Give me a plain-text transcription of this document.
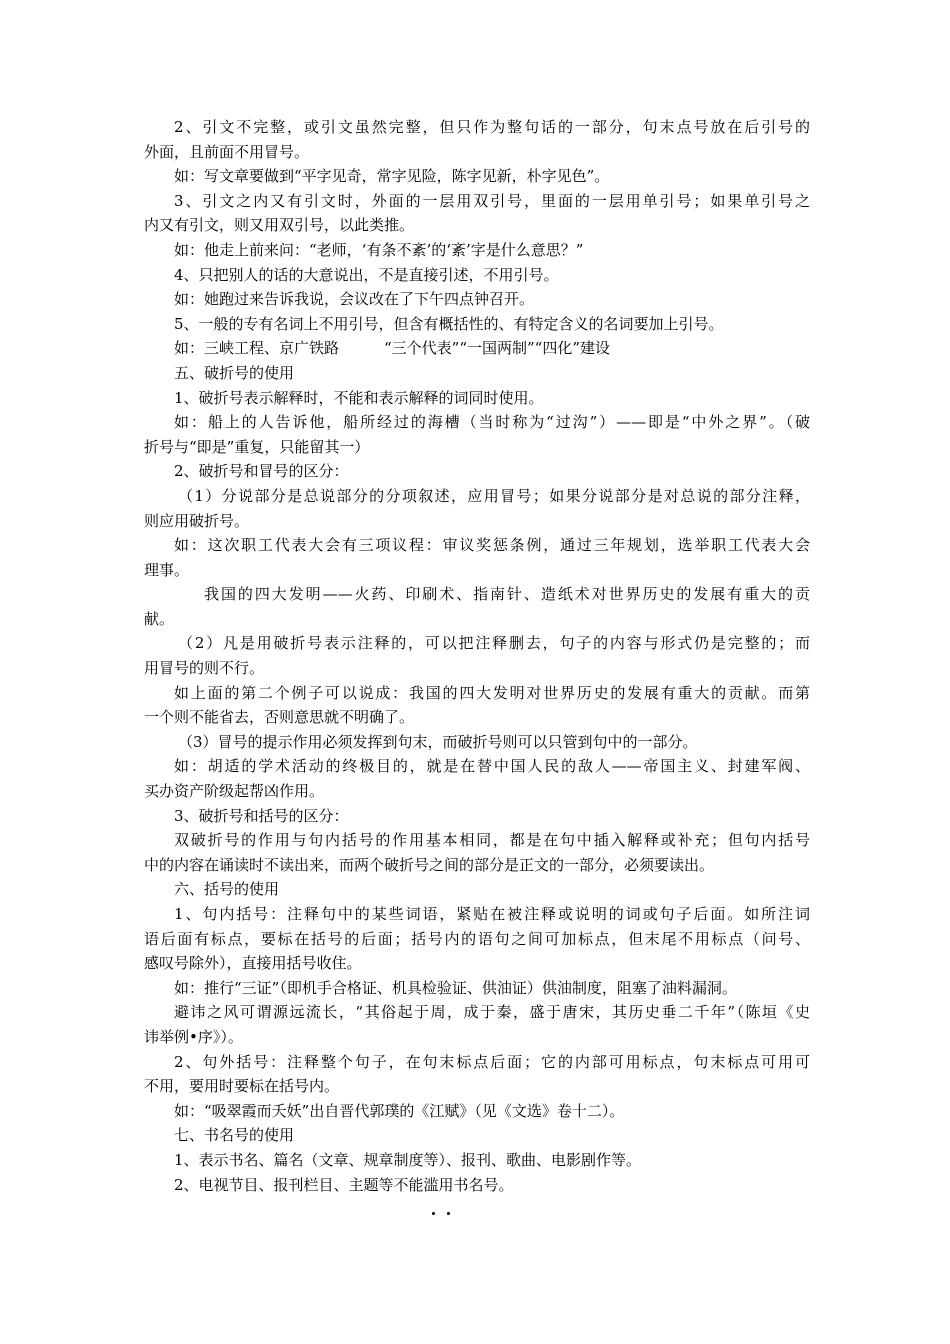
2、引文不完整，或引文虽然完整，但只作为整句话的一部分，句末点号放在后引号的
外面，且前面不用冒号。
如：写文章要做到“平字见奇，常字见险，陈字见新，朴字见色”。
3、引文之内又有引文时，外面的一层用双引号，里面的一层用单引号；如果单引号之
内又有引文，则又用双引号，以此类推。
如：他走上前来问：“老师，‘有条不紊’的‘紊’字是什么意思？”
4、只把别人的话的大意说出，不是直接引述，不用引号。
如：她跑过来告诉我说，会议改在了下午四点钟召开。
5、一般的专有名词上不用引号，但含有概括性的、有特定含义的名词要加上引号。
如：三峡工程、京广铁路　　　“三个代表”“一国两制”“四化”建设
五、破折号的使用
1、破折号表示解释时，不能和表示解释的词同时使用。
如：船上的人告诉他，船所经过的海槽（当时称为“过沟”）——即是“中外之界”。（破
折号与“即是”重复，只能留其一）
2、破折号和冒号的区分：
（1）分说部分是总说部分的分项叙述，应用冒号；如果分说部分是对总说的部分注释，
则应用破折号。
如：这次职工代表大会有三项议程：审议奖惩条例，通过三年规划，选举职工代表大会
理事。
我国的四大发明——火药、印刷术、指南针、造纸术对世界历史的发展有重大的贡
献。
（2）凡是用破折号表示注释的，可以把注释删去，句子的内容与形式仍是完整的；而
用冒号的则不行。
如上面的第二个例子可以说成：我国的四大发明对世界历史的发展有重大的贡献。而第
一个则不能省去，否则意思就不明确了。
（3）冒号的提示作用必须发挥到句末，而破折号则可以只管到句中的一部分。
如：胡适的学术活动的终极目的，就是在替中国人民的敌人——帝国主义、封建军阀、
买办资产阶级起帮凶作用。
3、破折号和括号的区分：
双破折号的作用与句内括号的作用基本相同，都是在句中插入解释或补充；但句内括号
中的内容在诵读时不读出来，而两个破折号之间的部分是正文的一部分，必须要读出。
六、括号的使用
1、句内括号：注释句中的某些词语，紧贴在被注释或说明的词或句子后面。如所注词
语后面有标点，要标在括号的后面；括号内的语句之间可加标点，但末尾不用标点（问号、
感叹号除外），直接用括号收住。
如：推行“三证”（即机手合格证、机具检验证、供油证）供油制度，阻塞了油料漏洞。
避讳之风可谓源远流长，“其俗起于周，成于秦，盛于唐宋，其历史垂二千年”（陈垣《史
讳举例•序》）。
2、句外括号：注释整个句子，在句末标点后面；它的内部可用标点，句末标点可用可
不用，要用时要标在括号内。
如：“吸翠霞而夭妖”出自晋代郭璞的《江赋》（见《文选》卷十二）。
七、书名号的使用
1、表示书名、篇名（文章、规章制度等）、报刊、歌曲、电影剧作等。
2、电视节目、报刊栏目、主题等不能滥用书名号。
